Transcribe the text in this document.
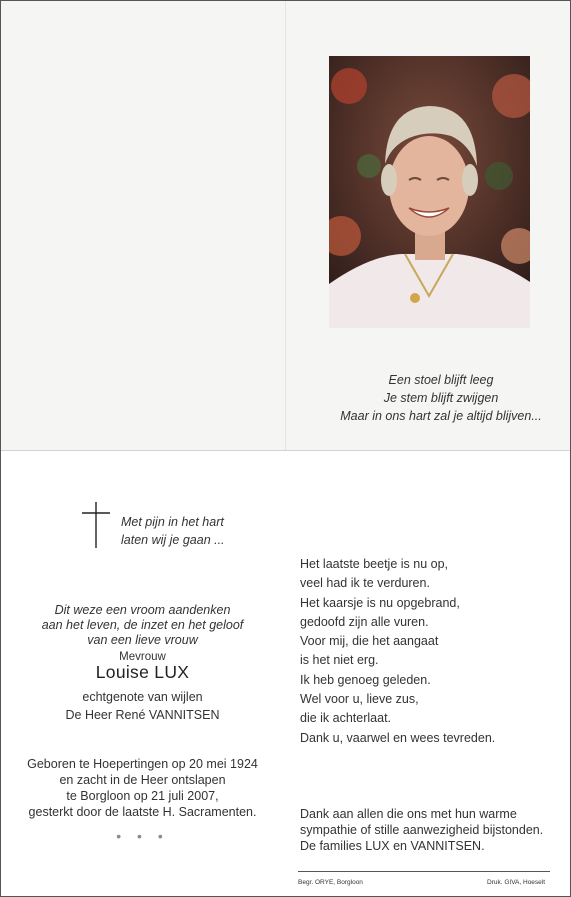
Een stoel blijft leeg
Je stem blijft zwijgen
Maar in ons hart zal je altijd blijven...
Met pijn in het hart
laten wij je gaan ...
Dit weze een vroom aandenken
aan het leven, de inzet en het geloof
van een lieve vrouw
Mevrouw
Louise LUX
echtgenote van wijlen
De Heer René VANNITSEN
Geboren te Hoepertingen op 20 mei 1924
en zacht in de Heer ontslapen
te Borgloon op 21 juli 2007,
gesterkt door de laatste H. Sacramenten.
• • •
Het laatste beetje is nu op,
veel had ik te verduren.
Het kaarsje is nu opgebrand,
gedoofd zijn alle vuren.
Voor mij, die het aangaat
is het niet erg.
Ik heb genoeg geleden.
Wel voor u, lieve zus,
die ik achterlaat.
Dank u, vaarwel en wees tevreden.
Dank aan allen die ons met hun warme
sympathie of stille aanwezigheid bijstonden.
De families LUX en VANNITSEN.
Begr. ORYE, Borgloon	Druk. GIVA, Hoeselt
